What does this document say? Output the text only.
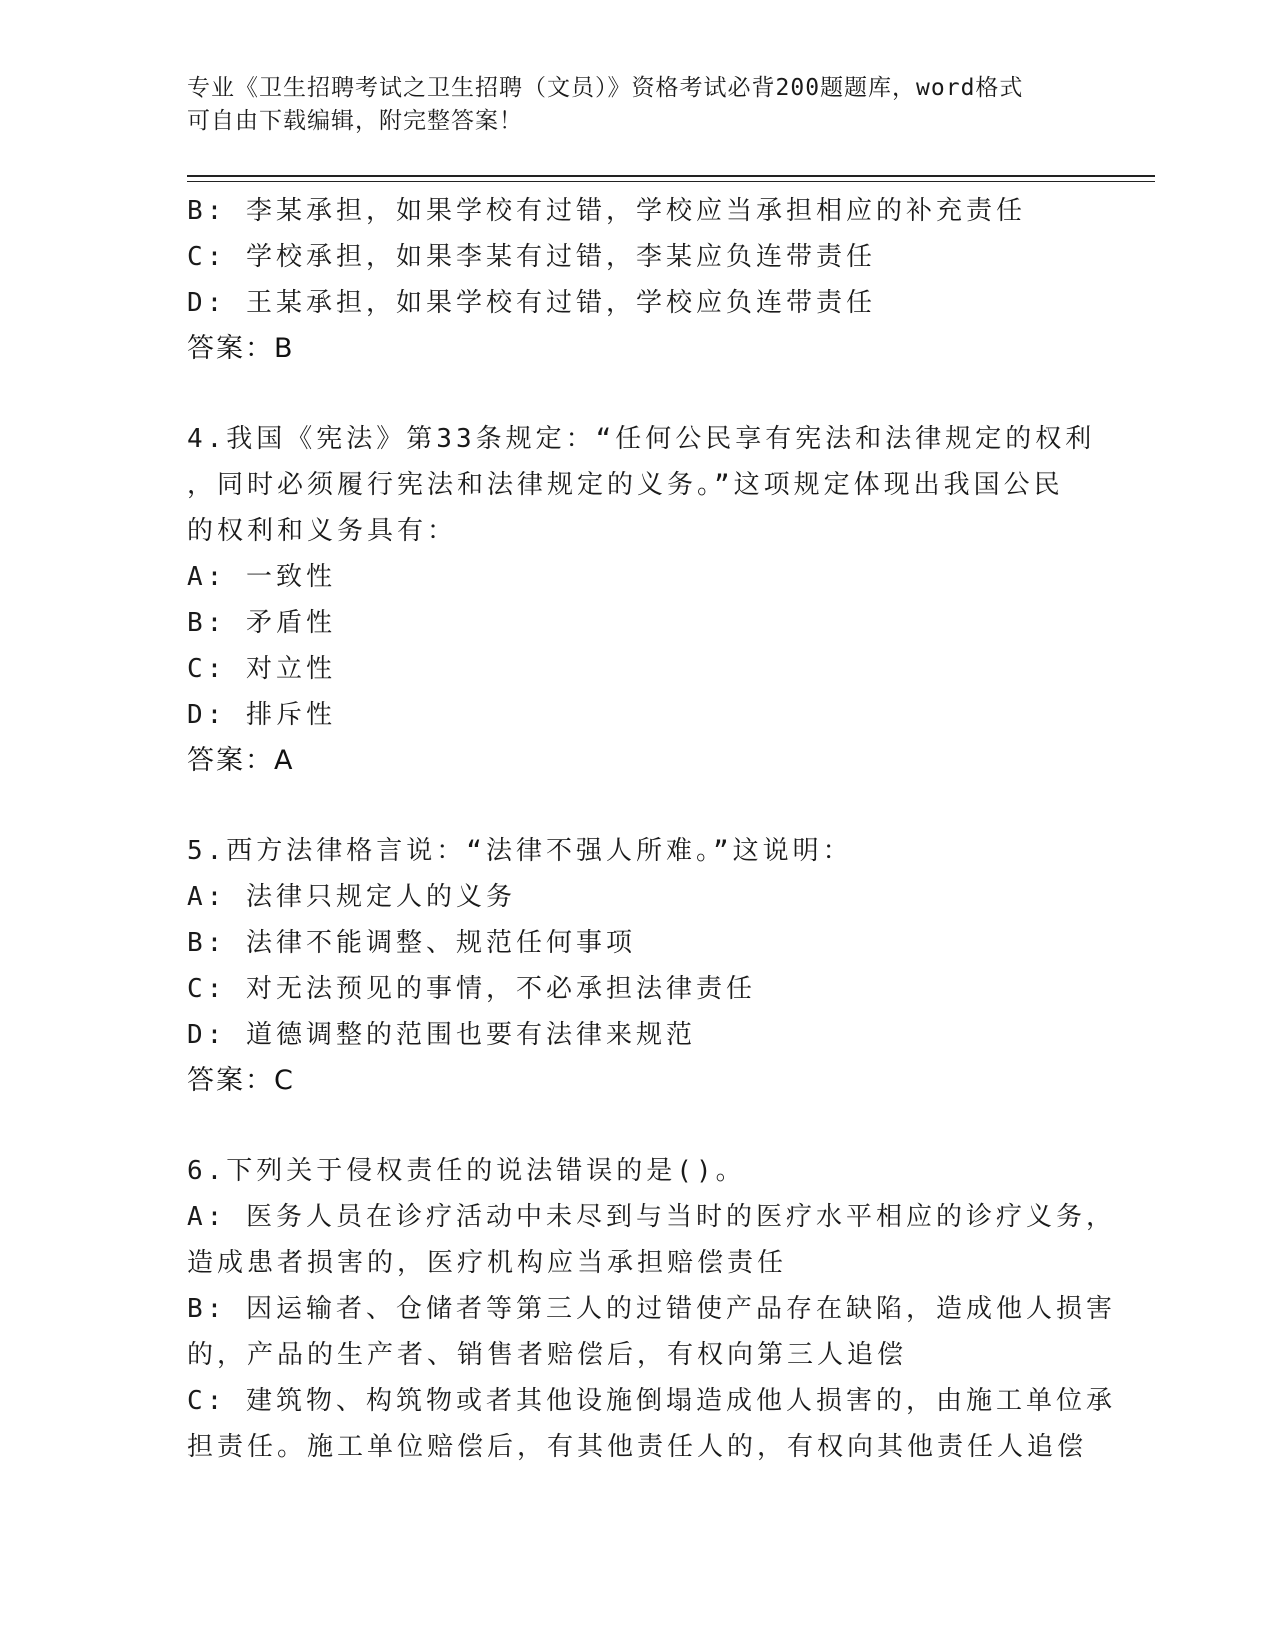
专业《卫生招聘考试之卫生招聘（文员）》资格考试必背200题题库，word格式
可自由下载编辑，附完整答案！
B: 李某承担，如果学校有过错，学校应当承担相应的补充责任
C: 学校承担，如果李某有过错，李某应负连带责任
D: 王某承担，如果学校有过错，学校应负连带责任
答案：B
4.我国《宪法》第33条规定：“任何公民享有宪法和法律规定的权利
，同时必须履行宪法和法律规定的义务。”这项规定体现出我国公民
的权利和义务具有：
A: 一致性
B: 矛盾性
C: 对立性
D: 排斥性
答案：A
5.西方法律格言说：“法律不强人所难。”这说明：
A: 法律只规定人的义务
B: 法律不能调整、规范任何事项
C: 对无法预见的事情，不必承担法律责任
D: 道德调整的范围也要有法律来规范
答案：C
6.下列关于侵权责任的说法错误的是()。
A: 医务人员在诊疗活动中未尽到与当时的医疗水平相应的诊疗义务，
造成患者损害的，医疗机构应当承担赔偿责任
B: 因运输者、仓储者等第三人的过错使产品存在缺陷，造成他人损害
的，产品的生产者、销售者赔偿后，有权向第三人追偿
C: 建筑物、构筑物或者其他设施倒塌造成他人损害的，由施工单位承
担责任。施工单位赔偿后，有其他责任人的，有权向其他责任人追偿
